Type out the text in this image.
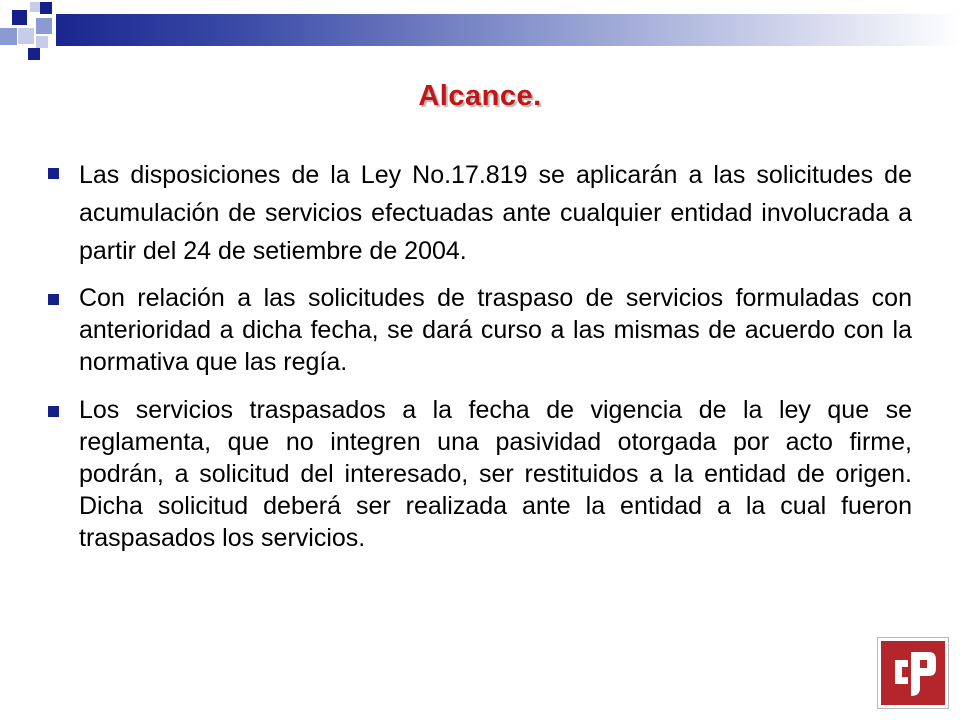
Alcance.
Las disposiciones de la Ley No.17.819 se aplicarán a las solicitudes de acumulación de servicios efectuadas ante cualquier entidad involucrada a partir del 24 de setiembre de 2004.
Con relación a las solicitudes de traspaso de servicios formuladas con anterioridad a dicha fecha, se dará curso a las mismas de acuerdo con la normativa que las regía.
Los servicios traspasados a la fecha de vigencia de la ley que se reglamenta, que no integren una pasividad otorgada por acto firme, podrán, a solicitud del interesado, ser restituidos a la entidad de origen. Dicha solicitud deberá ser realizada ante la entidad a la cual fueron traspasados los servicios.
